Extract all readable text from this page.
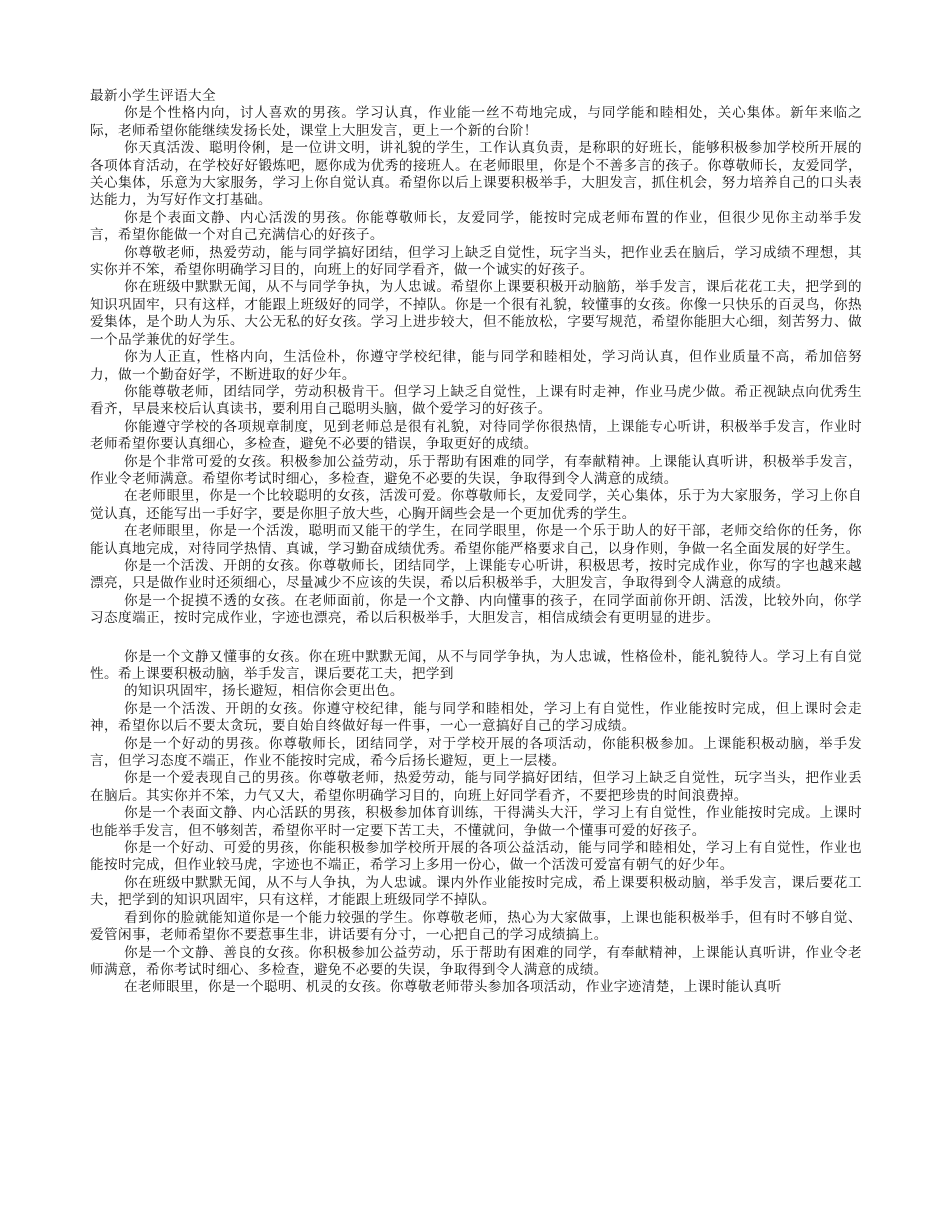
最新小学生评语大全

你是个性格内向，讨人喜欢的男孩。学习认真，作业能一丝不苟地完成，与同学能和睦相处，关心集体。新年来临之际，老师希望你能继续发扬长处，课堂上大胆发言，更上一个新的台阶！

你天真活泼、聪明伶俐，是一位讲文明，讲礼貌的学生，工作认真负责，是称职的好班长，能够积极参加学校所开展的各项体育活动，在学校好好锻炼吧，愿你成为优秀的接班人。在老师眼里，你是个不善多言的孩子。你尊敬师长，友爱同学，关心集体，乐意为大家服务，学习上你自觉认真。希望你以后上课要积极举手，大胆发言，抓住机会，努力培养自己的口头表达能力，为写好作文打基础。

你是个表面文静、内心活泼的男孩。你能尊敬师长，友爱同学，能按时完成老师布置的作业，但很少见你主动举手发言，希望你能做一个对自己充满信心的好孩子。

你尊敬老师，热爱劳动，能与同学搞好团结，但学习上缺乏自觉性，玩字当头，把作业丢在脑后，学习成绩不理想，其实你并不笨，希望你明确学习目的，向班上的好同学看齐，做一个诚实的好孩子。

你在班级中默默无闻，从不与同学争执，为人忠诚。希望你上课要积极开动脑筋，举手发言，课后花花工夫，把学到的知识巩固牢，只有这样，才能跟上班级好的同学，不掉队。你是一个很有礼貌，较懂事的女孩。你像一只快乐的百灵鸟，你热爱集体，是个助人为乐、大公无私的好女孩。学习上进步较大，但不能放松，字要写规范，希望你能胆大心细，刻苦努力、做一个品学兼优的好学生。

你为人正直，性格内向，生活俭朴，你遵守学校纪律，能与同学和睦相处，学习尚认真，但作业质量不高，希加倍努力，做一个勤奋好学，不断进取的好少年。

你能尊敬老师，团结同学，劳动积极肯干。但学习上缺乏自觉性，上课有时走神，作业马虎少做。希正视缺点向优秀生看齐，早晨来校后认真读书，要利用自己聪明头脑，做个爱学习的好孩子。

你能遵守学校的各项规章制度，见到老师总是很有礼貌，对待同学你很热情，上课能专心听讲，积极举手发言，作业时老师希望你要认真细心，多检查，避免不必要的错误，争取更好的成绩。

你是个非常可爱的女孩。积极参加公益劳动，乐于帮助有困难的同学，有奉献精神。上课能认真听讲，积极举手发言，作业令老师满意。希望你考试时细心，多检查，避免不必要的失误，争取得到令人满意的成绩。

在老师眼里，你是一个比较聪明的女孩，活泼可爱。你尊敬师长，友爱同学，关心集体，乐于为大家服务，学习上你自觉认真，还能写出一手好字，要是你胆子放大些，心胸开阔些会是一个更加优秀的学生。

在老师眼里，你是一个活泼，聪明而又能干的学生，在同学眼里，你是一个乐于助人的好干部，老师交给你的任务，你能认真地完成，对待同学热情、真诚，学习勤奋成绩优秀。希望你能严格要求自己，以身作则，争做一名全面发展的好学生。

你是一个活泼、开朗的女孩。你尊敬师长，团结同学，上课能专心听讲，积极思考，按时完成作业，你写的字也越来越漂亮，只是做作业时还须细心，尽量减少不应该的失误，希以后积极举手，大胆发言，争取得到令人满意的成绩。

你是一个捉摸不透的女孩。在老师面前，你是一个文静、内向懂事的孩子，在同学面前你开朗、活泼，比较外向，你学习态度端正，按时完成作业，字迹也漂亮，希以后积极举手，大胆发言，相信成绩会有更明显的进步。

你是一个文静又懂事的女孩。你在班中默默无闻，从不与同学争执，为人忠诚，性格俭朴，能礼貌待人。学习上有自觉性。希上课要积极动脑，举手发言，课后要花工夫，把学到

的知识巩固牢，扬长避短，相信你会更出色。

你是一个活泼、开朗的女孩。你遵守校纪律，能与同学和睦相处，学习上有自觉性，作业能按时完成，但上课时会走神，希望你以后不要太贪玩，要自始自终做好每一件事，一心一意搞好自己的学习成绩。

你是一个好动的男孩。你尊敬师长，团结同学，对于学校开展的各项活动，你能积极参加。上课能积极动脑，举手发言，但学习态度不端正，作业不能按时完成，希今后扬长避短，更上一层楼。

你是一个爱表现自己的男孩。你尊敬老师，热爱劳动，能与同学搞好团结，但学习上缺乏自觉性，玩字当头，把作业丢在脑后。其实你并不笨，力气又大，希望你明确学习目的，向班上好同学看齐，不要把珍贵的时间浪费掉。

你是一个表面文静、内心活跃的男孩，积极参加体育训练，干得满头大汗，学习上有自觉性，作业能按时完成。上课时也能举手发言，但不够刻苦，希望你平时一定要下苦工夫，不懂就问，争做一个懂事可爱的好孩子。

你是一个好动、可爱的男孩，你能积极参加学校所开展的各项公益活动，能与同学和睦相处，学习上有自觉性，作业也能按时完成，但作业较马虎，字迹也不端正，希学习上多用一份心，做一个活泼可爱富有朝气的好少年。

你在班级中默默无闻，从不与人争执，为人忠诚。课内外作业能按时完成，希上课要积极动脑，举手发言，课后要花工夫，把学到的知识巩固牢，只有这样，才能跟上班级同学不掉队。

看到你的脸就能知道你是一个能力较强的学生。你尊敬老师，热心为大家做事，上课也能积极举手，但有时不够自觉、爱管闲事，老师希望你不要惹事生非，讲话要有分寸，一心把自己的学习成绩搞上。

你是一个文静、善良的女孩。你积极参加公益劳动，乐于帮助有困难的同学，有奉献精神，上课能认真听讲，作业令老师满意，希你考试时细心、多检查，避免不必要的失误，争取得到令人满意的成绩。

在老师眼里，你是一个聪明、机灵的女孩。你尊敬老师带头参加各项活动，作业字迹清楚，上课时能认真听
